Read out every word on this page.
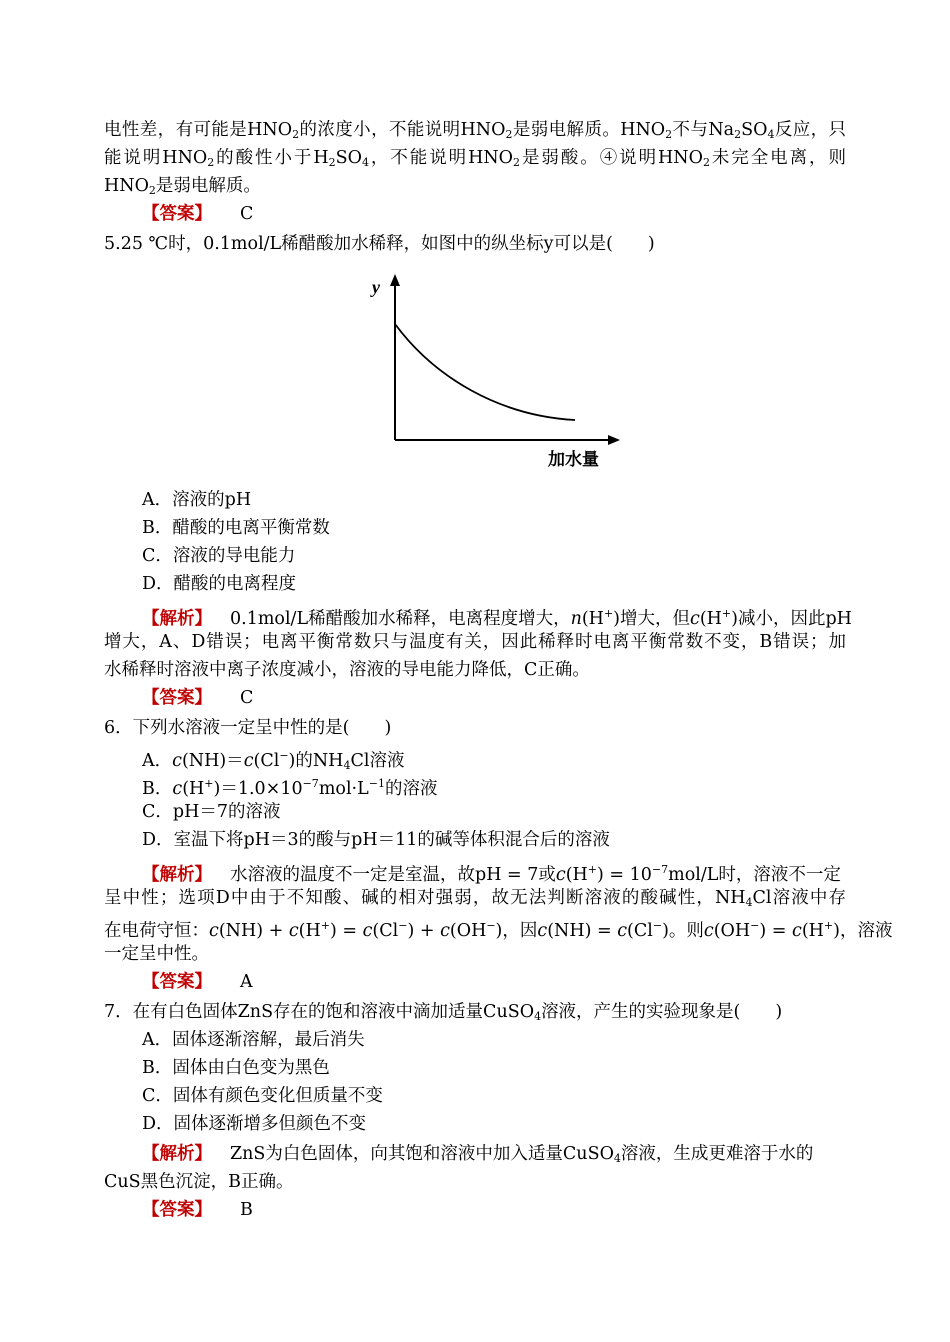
电性差，有可能是$HNO_2$的浓度小，不能说明$HNO_2$是弱电解质。$HNO_2$不与$Na_2SO_4$反应，只
能说明$HNO_2$的酸性小于$H_2SO_4$，不能说明$HNO_2$是弱酸。④说明$HNO_2$未完全电离，则
$HNO_2$是弱电解质。
【答案】 C
5.25 ℃时，0.1mol/L稀醋酸加水稀释，如图中的纵坐标y可以是(　　)
y
加水量
A．溶液的pH
B．醋酸的电离平衡常数
C．溶液的导电能力
D．醋酸的电离程度
【解析】 0.1mol/L稀醋酸加水稀释，电离程度增大，n(H+)增大，但c(H+)减小，因此pH
增大，A、D错误；电离平衡常数只与温度有关，因此稀释时电离平衡常数不变，B错误；加
水稀释时溶液中离子浓度减小，溶液的导电能力降低，C正确。
【答案】 C
6．下列水溶液一定呈中性的是(　　)
A．c(NH)＝c(Cl−)的$NH_4Cl$溶液
B．$c(H^+)=1.0\times 10^{-7}mol\cdot L^{-1}$的溶液
C．pH＝7的溶液
D．室温下将pH＝3的酸与pH＝11的碱等体积混合后的溶液
【解析】 水溶液的温度不一定是室温，故pH = 7或$c(H^+) = 10^{-7}mol/L$时，溶液不一定
呈中性；选项D中由于不知酸、碱的相对强弱，故无法判断溶液的酸碱性，$NH_4Cl$溶液中存
在电荷守恒：c(NH) + c(H+) = c(Cl−) + c(OH−)，因c(NH) = c(Cl−)。则c(OH−) = c(H+)，溶液
一定呈中性。
【答案】 A
7．在有白色固体ZnS存在的饱和溶液中滴加适量CuSO$_4$溶液，产生的实验现象是(　　)
A．固体逐渐溶解，最后消失
B．固体由白色变为黑色
C．固体有颜色变化但质量不变
D．固体逐渐增多但颜色不变
【解析】 ZnS为白色固体，向其饱和溶液中加入适量CuSO$_4$溶液，生成更难溶于水的
CuS黑色沉淀，B正确。
【答案】 B
